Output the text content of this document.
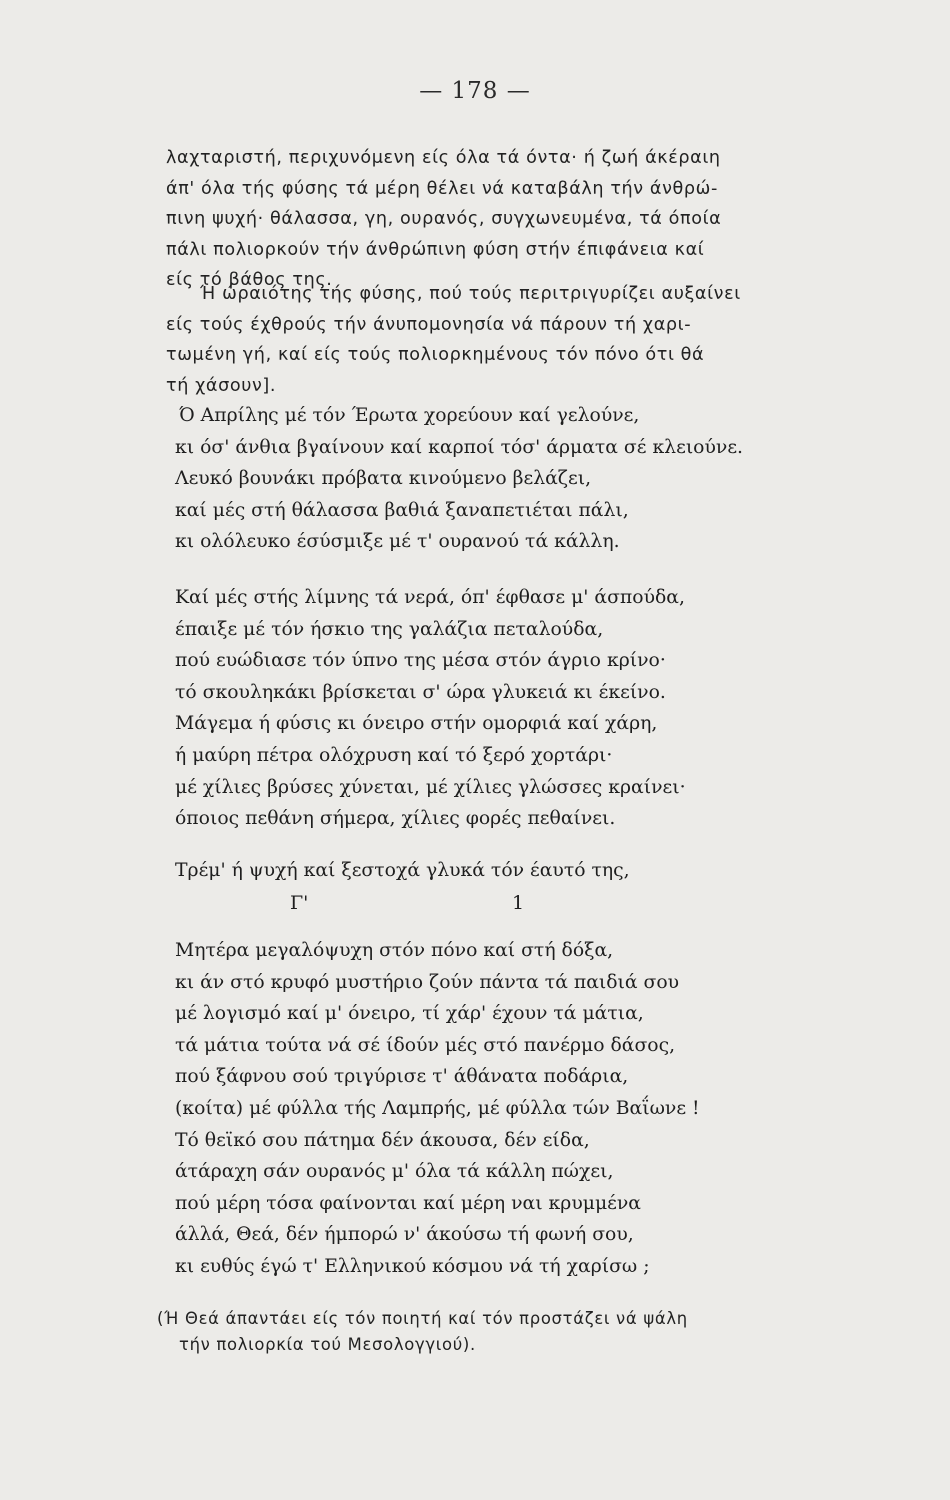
— 178 —

λαχταριστή, περιχυνόμενη είς όλα τά όντα· ή ζωή άκέραιη
άπ' όλα τής φύσης τά μέρη θέλει νά καταβάλη τήν άνθρώ-
πινη ψυχή· θάλασσα, γη, ουρανός, συγχωνευμένα, τά όποία
πάλι πολιορκούν τήν άνθρώπινη φύση στήν έπιφάνεια καί
είς τό βάθος της.

Ή ώραιότης τής φύσης, πού τούς περιτριγυρίζει αυξαίνει
είς τούς έχθρούς τήν άνυπομονησία νά πάρουν τή χαρι-
τωμένη γή, καί είς τούς πολιορκημένους τόν πόνο ότι θά
τή χάσουν].

Ό Απρίλης μέ τόν Έρωτα χορεύουν καί γελούνε,
κι όσ' άνθια βγαίνουν καί καρποί τόσ' άρματα σέ κλειούνε.
Λευκό βουνάκι πρόβατα κινούμενο βελάζει,
καί μές στή θάλασσα βαθιά ξαναπετιέται πάλι,
κι ολόλευκο έσύσμιξε μέ τ' ουρανού τά κάλλη.
Καί μές στής λίμνης τά νερά, όπ' έφθασε μ' άσπούδα,
έπαιξε μέ τόν ήσκιο της γαλάζια πεταλούδα,
πού ευώδιασε τόν ύπνο της μέσα στόν άγριο κρίνο·
τό σκουληκάκι βρίσκεται σ' ώρα γλυκειά κι έκείνο.
Μάγεμα ή φύσις κι όνειρο στήν ομορφιά καί χάρη,
ή μαύρη πέτρα ολόχρυση καί τό ξερό χορτάρι·
μέ χίλιες βρύσες χύνεται, μέ χίλιες γλώσσες κραίνει·
όποιος πεθάνη σήμερα, χίλιες φορές πεθαίνει.
Τρέμ' ή ψυχή καί ξεστοχά γλυκά τόν έαυτό της,
Γ'	1
Μητέρα μεγαλόψυχη στόν πόνο καί στή δόξα,
κι άν στό κρυφό μυστήριο ζούν πάντα τά παιδιά σου
μέ λογισμό καί μ' όνειρο, τί χάρ' έχουν τά μάτια,
τά μάτια τούτα νά σέ ίδούν μές στό πανέρμο δάσος,
πού ξάφνου σού τριγύρισε τ' άθάνατα ποδάρια,
(κοίτα) μέ φύλλα τής Λαμπρής, μέ φύλλα τών Βαΐωνε !
Τό θεϊκό σου πάτημα δέν άκουσα, δέν είδα,
άτάραχη σάν ουρανός μ' όλα τά κάλλη πώχει,
πού μέρη τόσα φαίνονται καί μέρη ναι κρυμμένα
άλλά, Θεά, δέν ήμπορώ ν' άκούσω τή φωνή σου,
κι ευθύς έγώ τ' Ελληνικού κόσμου νά τή χαρίσω ;

(Ή Θεά άπαντάει είς τόν ποιητή καί τόν προστάζει νά ψάλη
τήν πολιορκία τού Μεσολογγιού).
